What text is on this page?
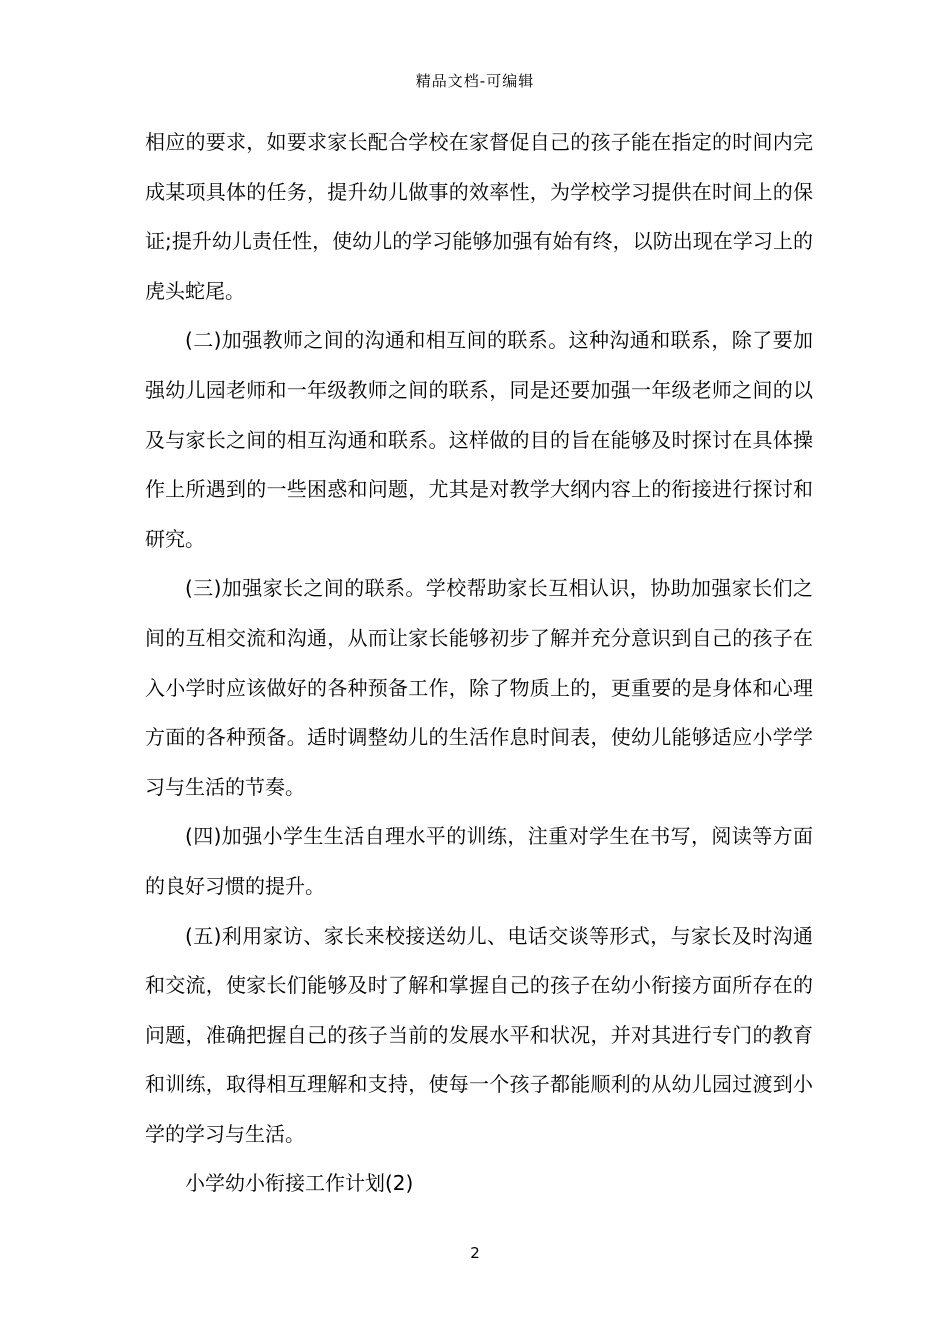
精品文档-可编辑

相应的要求，如要求家长配合学校在家督促自己的孩子能在指定的时间内完成某项具体的任务，提升幼儿做事的效率性，为学校学习提供在时间上的保证;提升幼儿责任性，使幼儿的学习能够加强有始有终，以防出现在学习上的虎头蛇尾。

(二)加强教师之间的沟通和相互间的联系。这种沟通和联系，除了要加强幼儿园老师和一年级教师之间的联系，同是还要加强一年级老师之间的以及与家长之间的相互沟通和联系。这样做的目的旨在能够及时探讨在具体操作上所遇到的一些困惑和问题，尤其是对教学大纲内容上的衔接进行探讨和研究。

(三)加强家长之间的联系。学校帮助家长互相认识，协助加强家长们之间的互相交流和沟通，从而让家长能够初步了解并充分意识到自己的孩子在入小学时应该做好的各种预备工作，除了物质上的，更重要的是身体和心理方面的各种预备。适时调整幼儿的生活作息时间表，使幼儿能够适应小学学习与生活的节奏。

(四)加强小学生生活自理水平的训练，注重对学生在书写，阅读等方面的良好习惯的提升。

(五)利用家访、家长来校接送幼儿、电话交谈等形式，与家长及时沟通和交流，使家长们能够及时了解和掌握自己的孩子在幼小衔接方面所存在的问题，准确把握自己的孩子当前的发展水平和状况，并对其进行专门的教育和训练，取得相互理解和支持，使每一个孩子都能顺利的从幼儿园过渡到小学的学习与生活。

小学幼小衔接工作计划(2)

2
